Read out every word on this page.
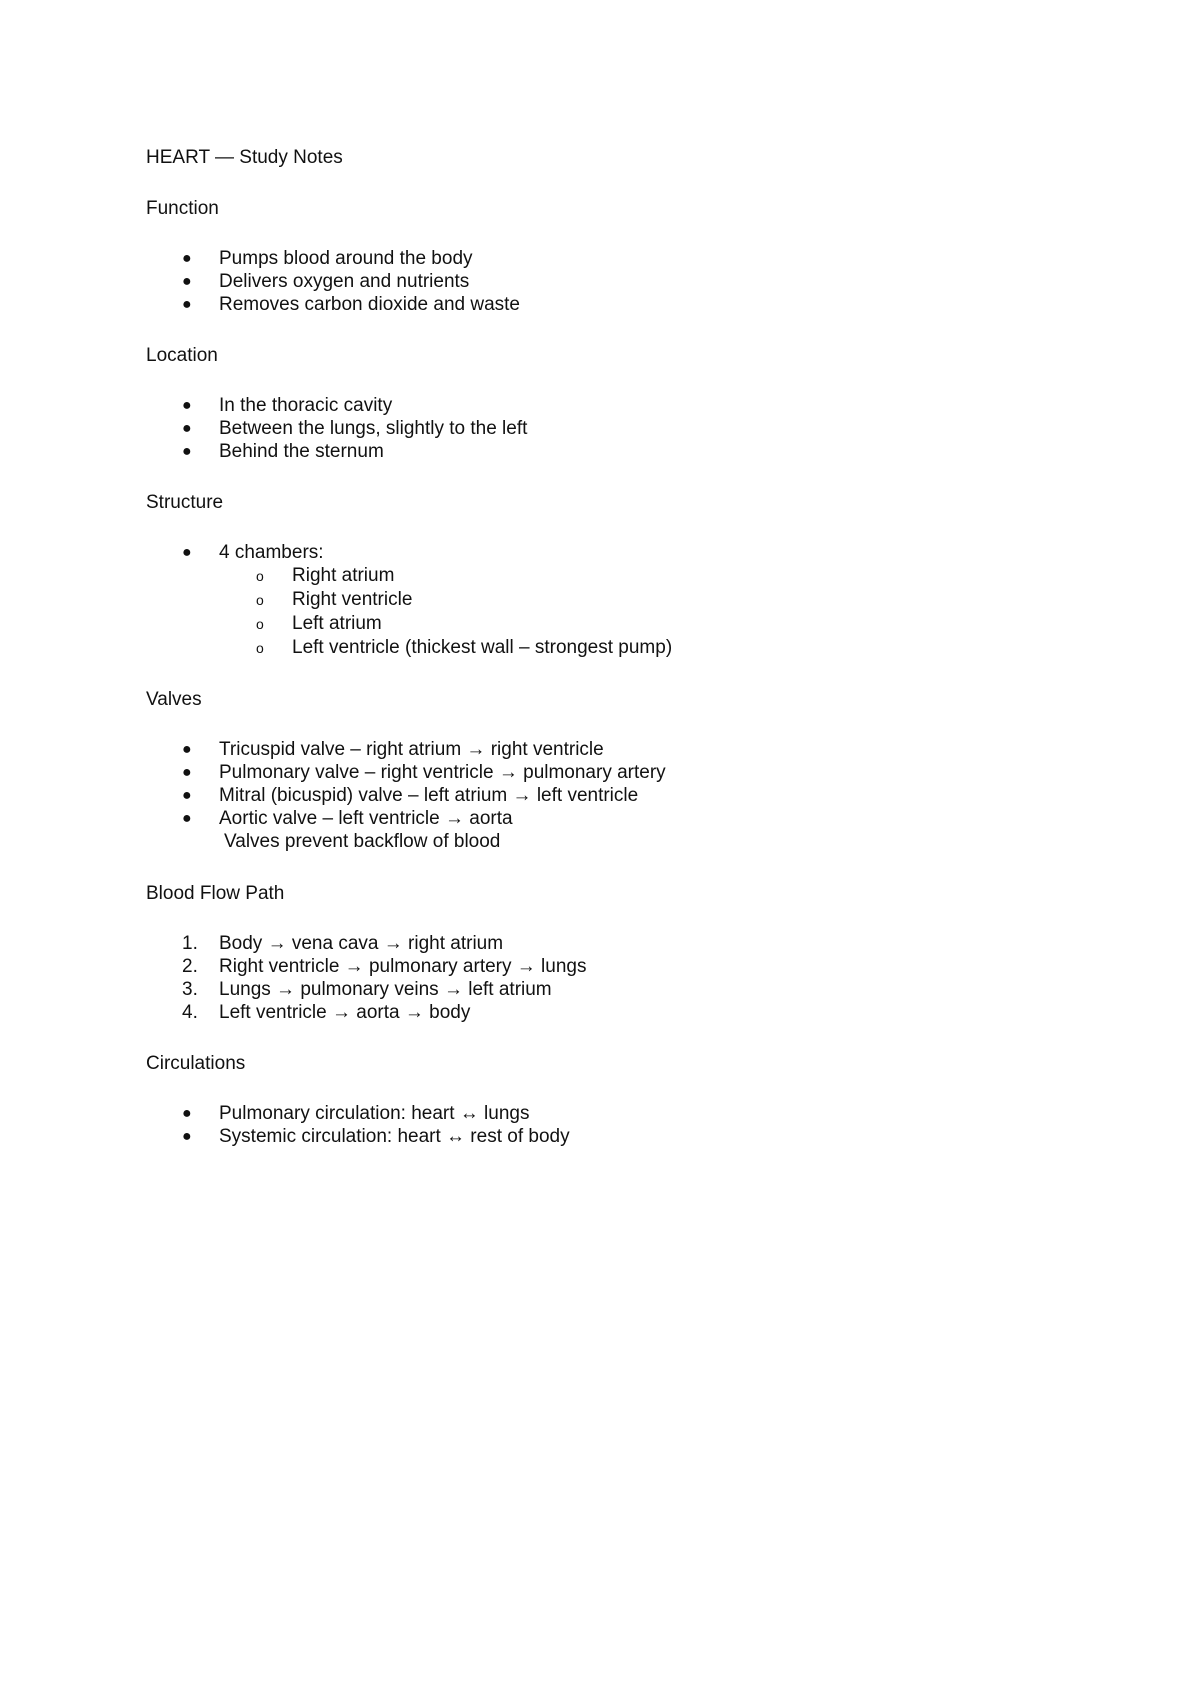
HEART — Study Notes
Function
●	Pumps blood around the body
●	Delivers oxygen and nutrients
●	Removes carbon dioxide and waste
Location
●	In the thoracic cavity
●	Between the lungs, slightly to the left
●	Behind the sternum
Structure
●	4 chambers:
o Right atrium
o Right ventricle
o Left atrium
o Left ventricle (thickest wall – strongest pump)
Valves
●	Tricuspid valve – right atrium → right ventricle
●	Pulmonary valve – right ventricle → pulmonary artery
●	Mitral (bicuspid) valve – left atrium → left ventricle
●	Aortic valve – left ventricle → aorta
Valves prevent backflow of blood
Blood Flow Path
1.	Body → vena cava → right atrium
2.	Right ventricle → pulmonary artery → lungs
3.	Lungs → pulmonary veins → left atrium
4.	Left ventricle → aorta → body
Circulations
●	Pulmonary circulation: heart ↔ lungs
●	Systemic circulation: heart ↔ rest of body
